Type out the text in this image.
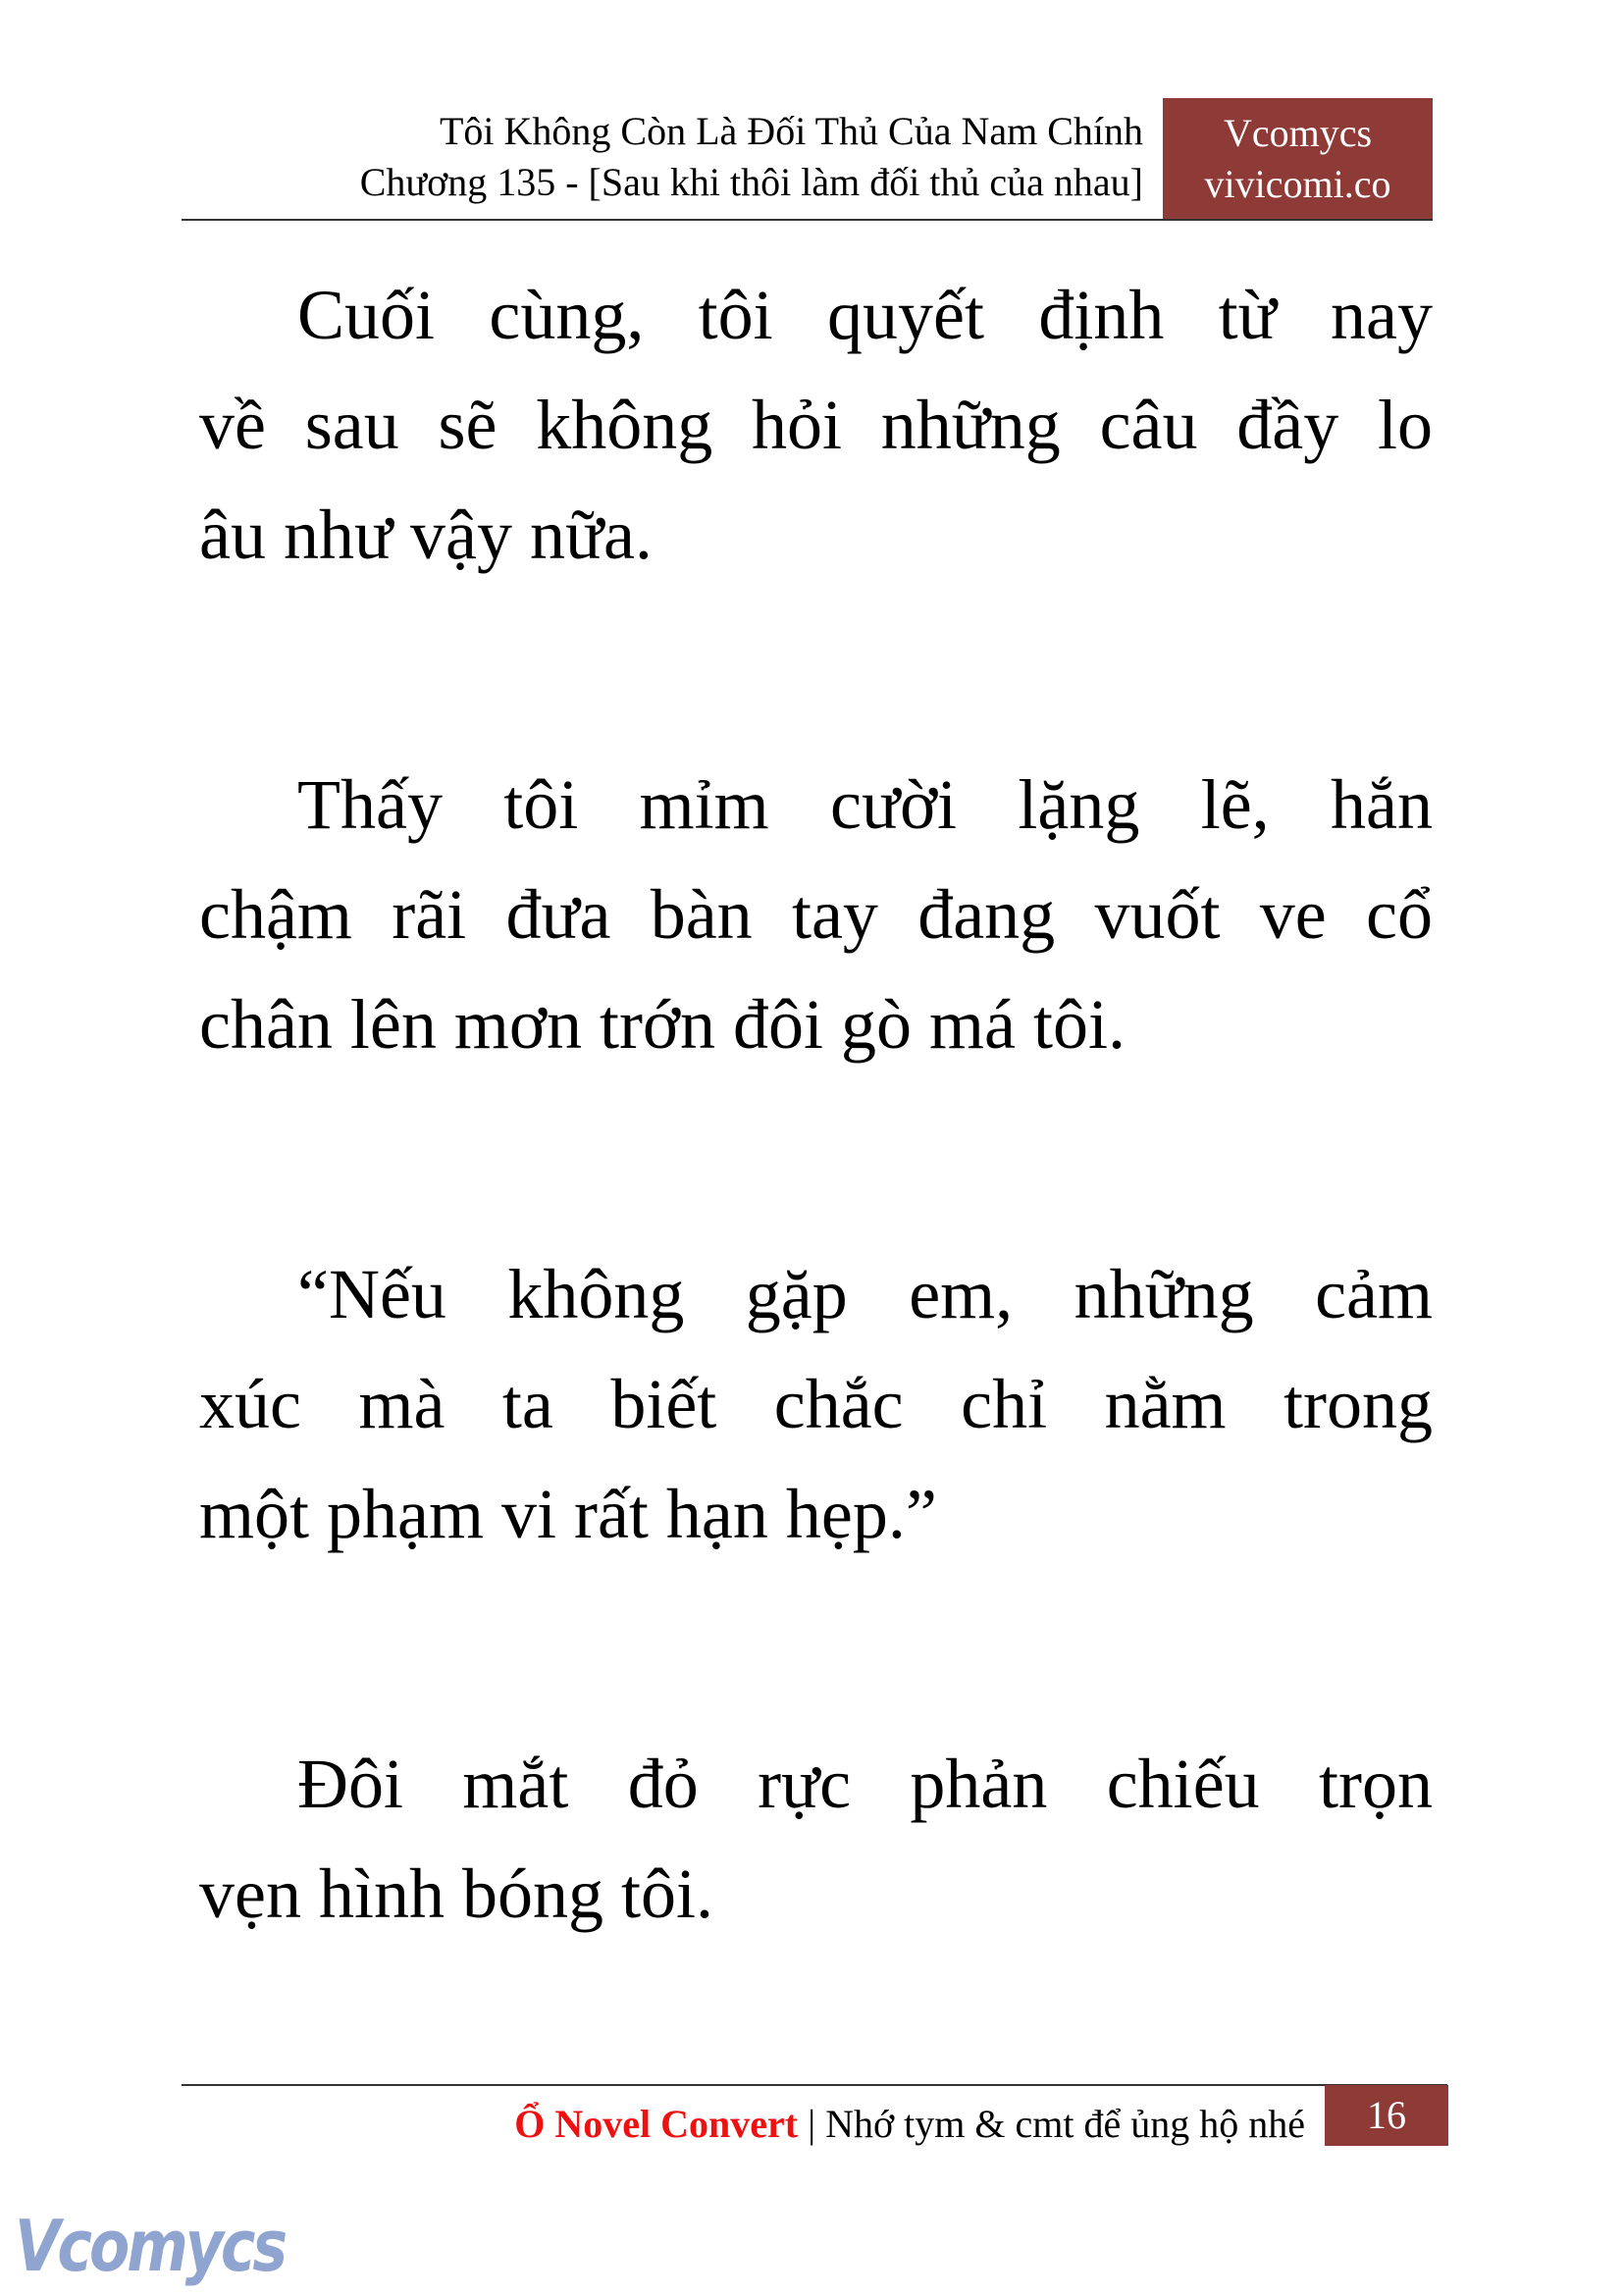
Tôi Không Còn Là Đối Thủ Của Nam Chính
Chương 135 - [Sau khi thôi làm đối thủ của nhau]
Vcomycs
vivicomi.co
Cuối cùng, tôi quyết định từ nay
về sau sẽ không hỏi những câu đầy lo
âu như vậy nữa.
Thấy tôi mỉm cười lặng lẽ, hắn
chậm rãi đưa bàn tay đang vuốt ve cổ
chân lên mơn trớn đôi gò má tôi.
“Nếu không gặp em, những cảm
xúc mà ta biết chắc chỉ nằm trong
một phạm vi rất hạn hẹp.”
Đôi mắt đỏ rực phản chiếu trọn
vẹn hình bóng tôi.
Ổ Novel Convert | Nhớ tym & cmt để ủng hộ nhé	16
Vcomycs
